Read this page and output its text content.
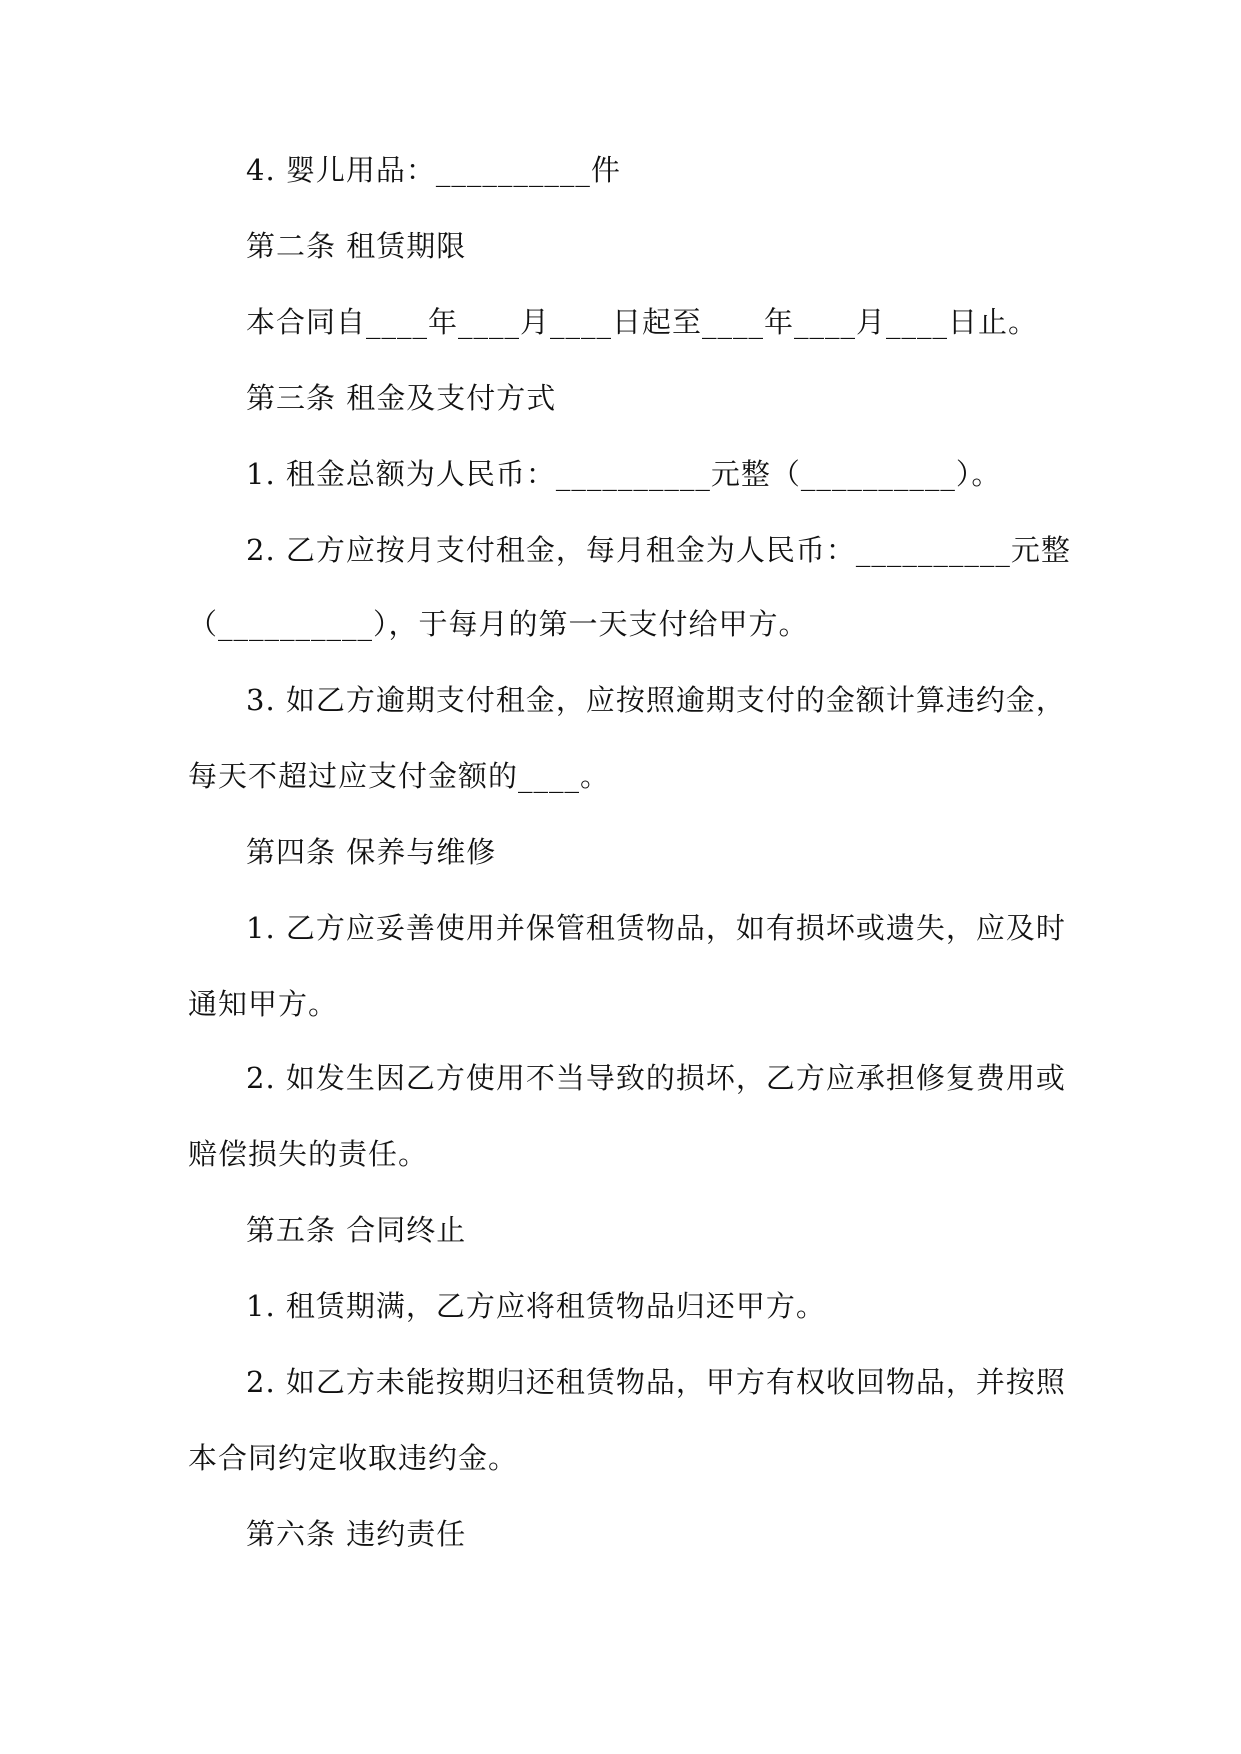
4. 婴儿用品：__________件
第二条 租赁期限
本合同自____年____月____日起至____年____月____日止。
第三条 租金及支付方式
1. 租金总额为人民币：__________元整（__________）。
2. 乙方应按月支付租金，每月租金为人民币：__________元整
（__________），于每月的第一天支付给甲方。
3. 如乙方逾期支付租金，应按照逾期支付的金额计算违约金，
每天不超过应支付金额的____。
第四条 保养与维修
1. 乙方应妥善使用并保管租赁物品，如有损坏或遗失，应及时
通知甲方。
2. 如发生因乙方使用不当导致的损坏，乙方应承担修复费用或
赔偿损失的责任。
第五条 合同终止
1. 租赁期满，乙方应将租赁物品归还甲方。
2. 如乙方未能按期归还租赁物品，甲方有权收回物品，并按照
本合同约定收取违约金。
第六条 违约责任
